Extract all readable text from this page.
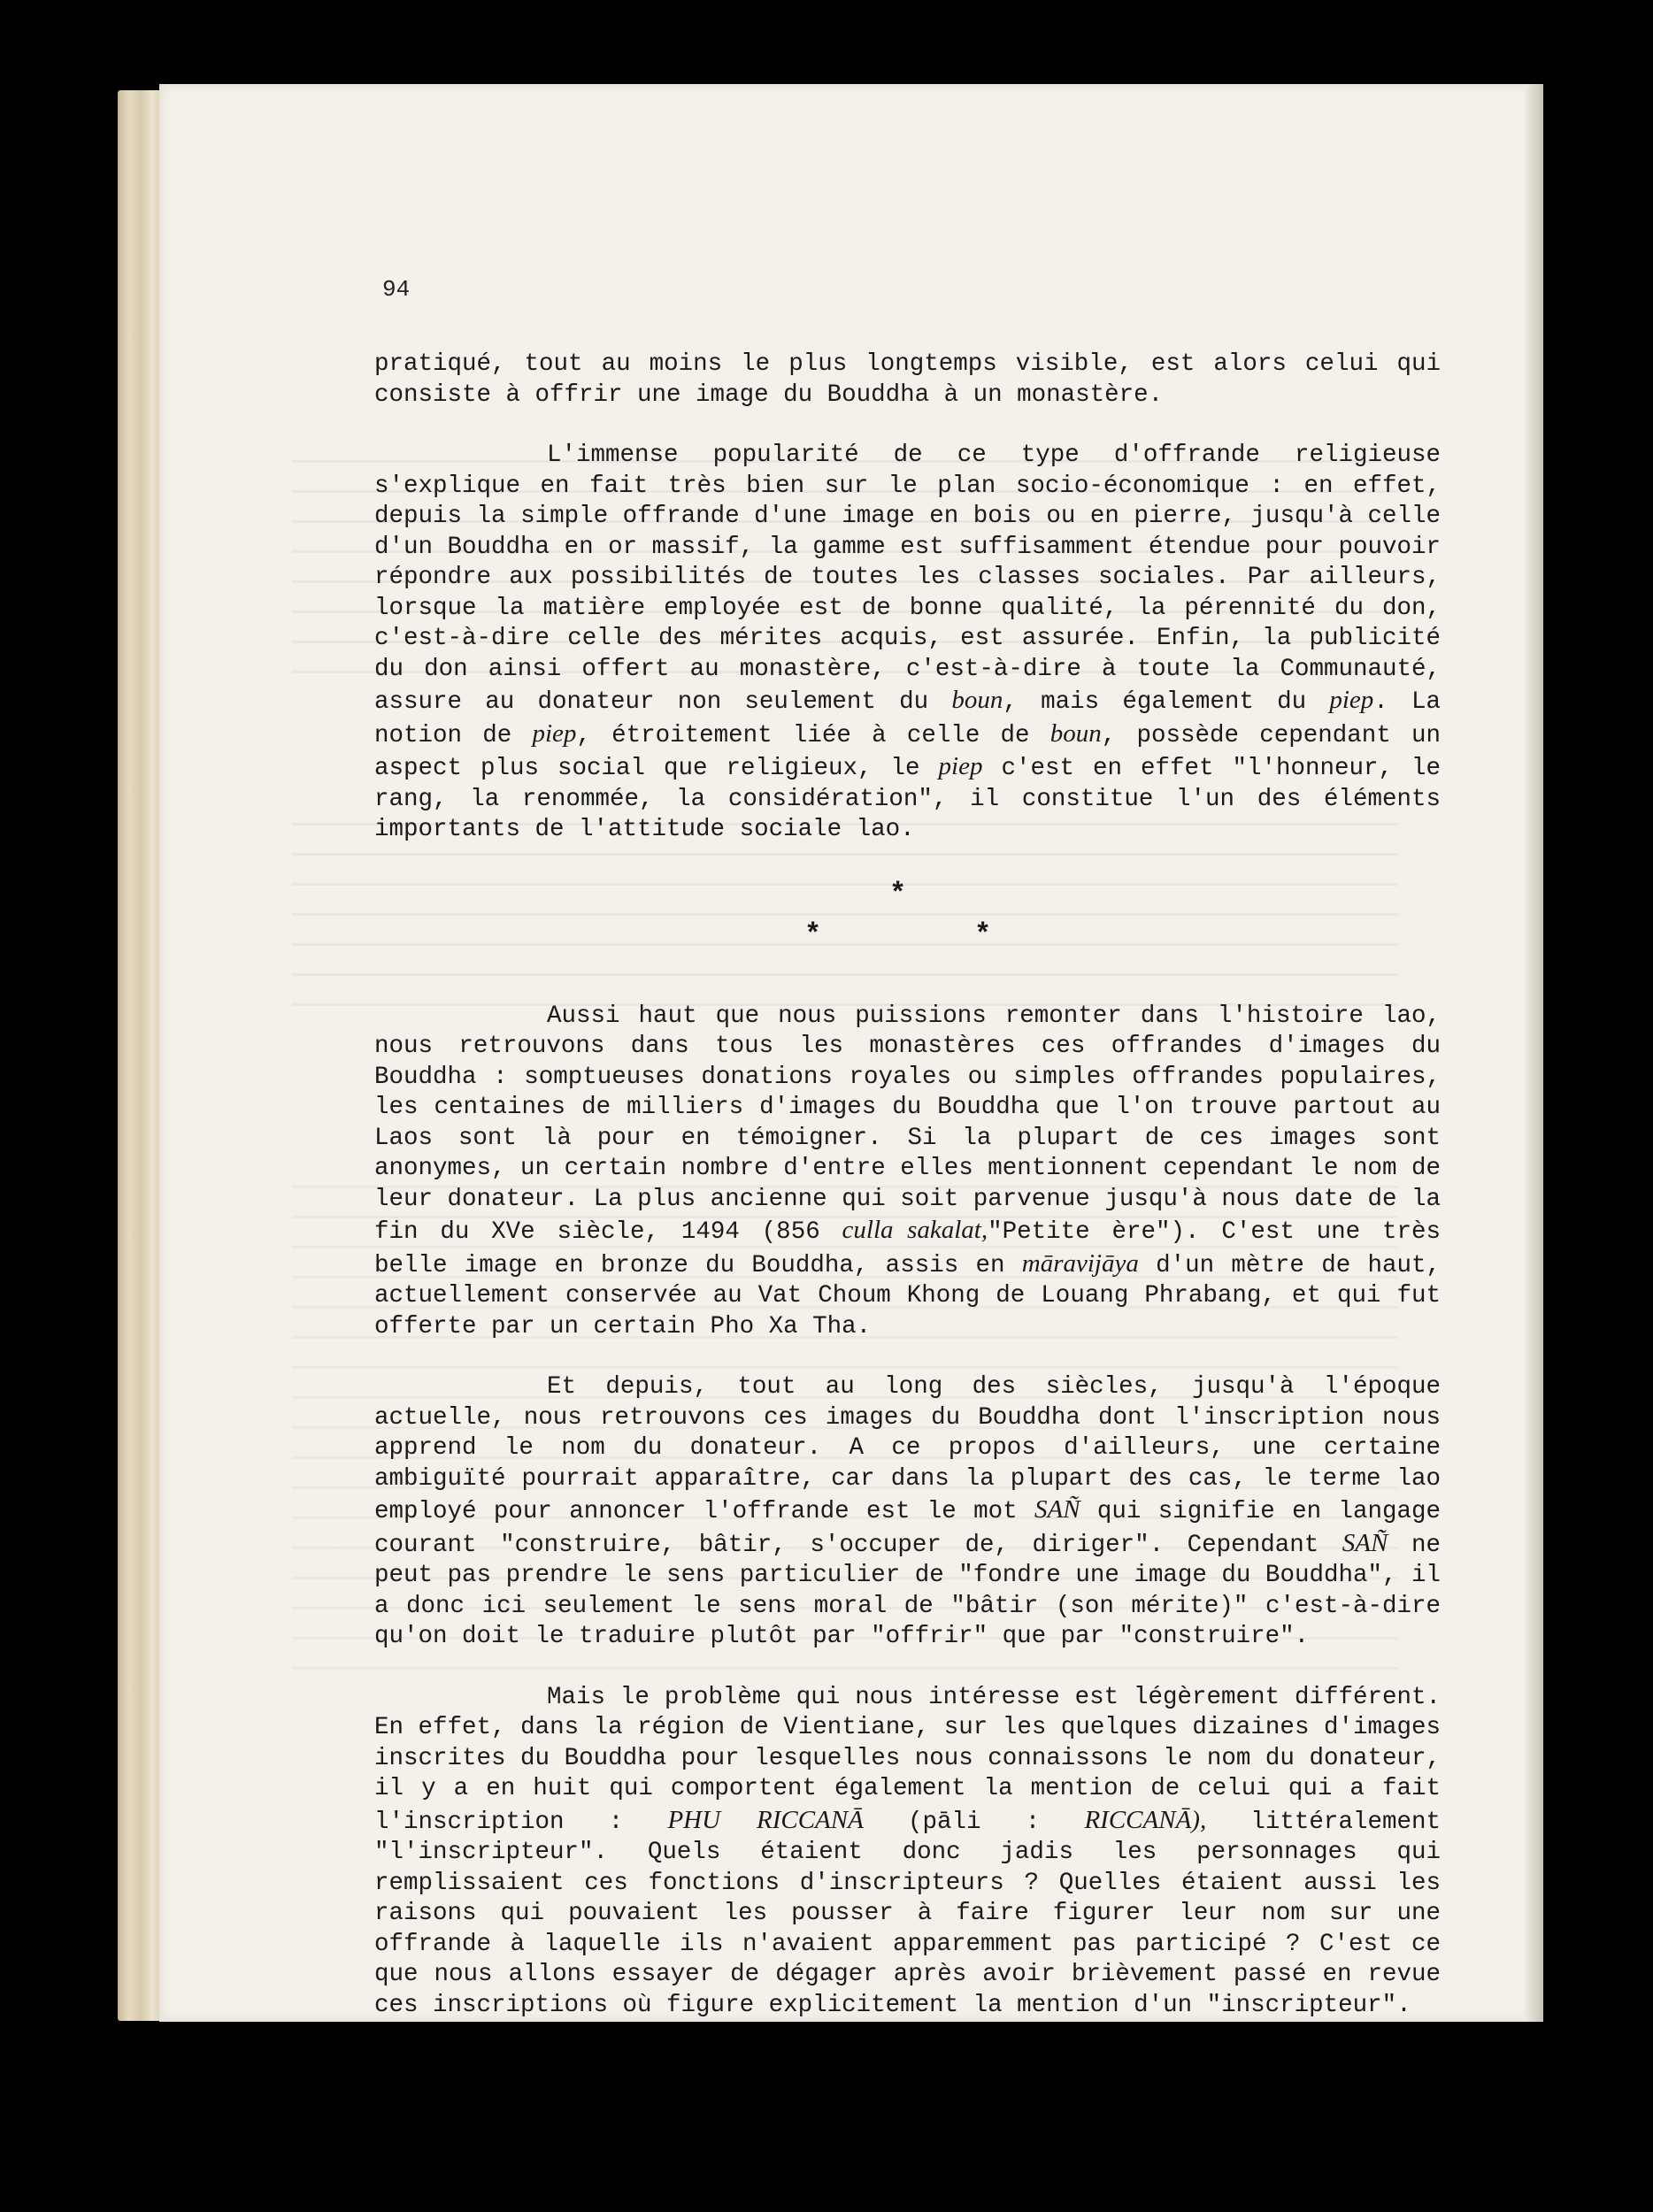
94

pratiqué, tout au moins le plus longtemps visible, est alors celui qui consiste à offrir une image du Bouddha à un monastère.

L'immense popularité de ce type d'offrande religieuse s'explique en fait très bien sur le plan socio-économique : en effet, depuis la simple offrande d'une image en bois ou en pierre, jusqu'à celle d'un Bouddha en or massif, la gamme est suffisamment étendue pour pouvoir répondre aux possibilités de toutes les classes sociales. Par ailleurs, lorsque la matière employée est de bonne qualité, la pérennité du don, c'est-à-dire celle des mérites acquis, est assurée. Enfin, la publicité du don ainsi offert au monastère, c'est-à-dire à toute la Communauté, assure au donateur non seulement du boun, mais également du piep. La notion de piep, étroitement liée à celle de boun, possède cependant un aspect plus social que religieux, le piep c'est en effet "l'honneur, le rang, la renommée, la considération", il constitue l'un des éléments importants de l'attitude sociale lao.

*
*	*

Aussi haut que nous puissions remonter dans l'histoire lao, nous retrouvons dans tous les monastères ces offrandes d'images du Bouddha : somptueuses donations royales ou simples offrandes populaires, les centaines de milliers d'images du Bouddha que l'on trouve partout au Laos sont là pour en témoigner. Si la plupart de ces images sont anonymes, un certain nombre d'entre elles mentionnent cependant le nom de leur donateur. La plus ancienne qui soit parvenue jusqu'à nous date de la fin du XVe siècle, 1494 (856 culla sakalat,"Petite ère"). C'est une très belle image en bronze du Bouddha, assis en māravijāya d'un mètre de haut, actuellement conservée au Vat Choum Khong de Louang Phrabang, et qui fut offerte par un certain Pho Xa Tha.

Et depuis, tout au long des siècles, jusqu'à l'époque actuelle, nous retrouvons ces images du Bouddha dont l'inscription nous apprend le nom du donateur. A ce propos d'ailleurs, une certaine ambiguïté pourrait apparaître, car dans la plupart des cas, le terme lao employé pour annoncer l'offrande est le mot SAÑ qui signifie en langage courant "construire, bâtir, s'occuper de, diriger". Cependant SAÑ ne peut pas prendre le sens particulier de "fondre une image du Bouddha", il a donc ici seulement le sens moral de "bâtir (son mérite)" c'est-à-dire qu'on doit le traduire plutôt par "offrir" que par "construire".

Mais le problème qui nous intéresse est légèrement différent. En effet, dans la région de Vientiane, sur les quelques dizaines d'images inscrites du Bouddha pour lesquelles nous connaissons le nom du donateur, il y a en huit qui comportent également la mention de celui qui a fait l'inscription : PHU RICCANĀ (pāli : RICCANĀ), littéralement "l'inscripteur". Quels étaient donc jadis les personnages qui remplissaient ces fonctions d'inscripteurs ? Quelles étaient aussi les raisons qui pouvaient les pousser à faire figurer leur nom sur une offrande à laquelle ils n'avaient apparemment pas participé ? C'est ce que nous allons essayer de dégager après avoir brièvement passé en revue ces inscriptions où figure explicitement la mention d'un "inscripteur".
